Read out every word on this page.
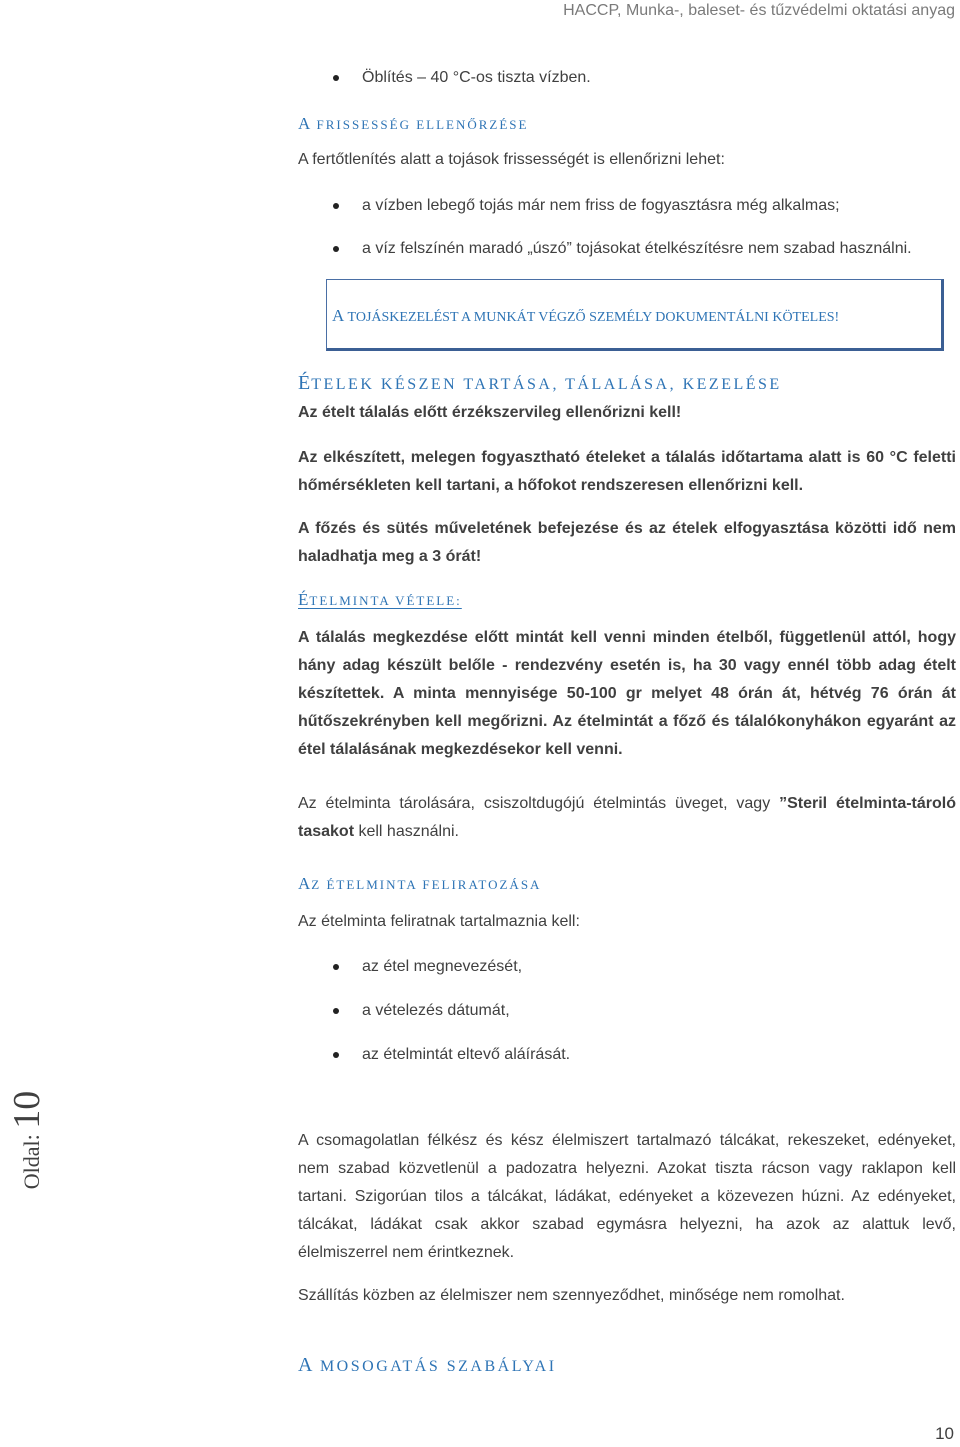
HACCP, Munka-, baleset- és tűzvédelmi oktatási anyag
Öblítés – 40 °C-os tiszta vízben.
A FRISSESSÉG ELLENŐRZÉSE
A fertőtlenítés alatt a tojások frissességét is ellenőrizni lehet:
a vízben lebegő tojás már nem friss de fogyasztásra még alkalmas;
a víz felszínén maradó „úszó” tojásokat ételkészítésre nem szabad használni.
A TOJÁSKEZELÉST A MUNKÁT VÉGZŐ SZEMÉLY DOKUMENTÁLNI KÖTELES!
ÉTELEK KÉSZEN TARTÁSA, TÁLALÁSA, KEZELÉSE
Az ételt tálalás előtt érzékszervileg ellenőrizni kell!
Az elkészített, melegen fogyasztható ételeket a tálalás időtartama alatt is 60 °C feletti hőmérsékleten kell tartani, a hőfokot rendszeresen ellenőrizni kell.
A főzés és sütés műveletének befejezése és az ételek elfogyasztása közötti idő nem haladhatja meg a 3 órát!
ÉTELMINTA VÉTELE:
A tálalás megkezdése előtt mintát kell venni minden ételből, függetlenül attól, hogy hány adag készült belőle - rendezvény esetén is, ha 30 vagy ennél több adag ételt készítettek. A minta mennyisége 50-100 gr melyet 48 órán át, hétvég 76 órán át hűtőszekrényben kell megőrizni. Az ételmintát a főző és tálalókonyhákon egyaránt az étel tálalásának megkezdésekor kell venni.
Az ételminta tárolására, csiszoltdugójú ételmintás üveget, vagy ”Steril ételminta-tároló tasakot kell használni.
AZ ÉTELMINTA FELIRATOZÁSA
Az ételminta feliratnak tartalmaznia kell:
az étel megnevezését,
a vételezés dátumát,
az ételmintát eltevő aláírását.
A csomagolatlan félkész és kész élelmiszert tartalmazó tálcákat, rekeszeket, edényeket, nem szabad közvetlenül a padozatra helyezni. Azokat tiszta rácson vagy raklapon kell tartani. Szigorúan tilos a tálcákat, ládákat, edényeket a közevezen húzni. Az edényeket, tálcákat, ládákat csak akkor szabad egymásra helyezni, ha azok az alattuk levő, élelmiszerrel nem érintkeznek.
Szállítás közben az élelmiszer nem szennyeződhet, minősége nem romolhat.
A MOSOGATÁS SZABÁLYAI
Oldal: 10
10
